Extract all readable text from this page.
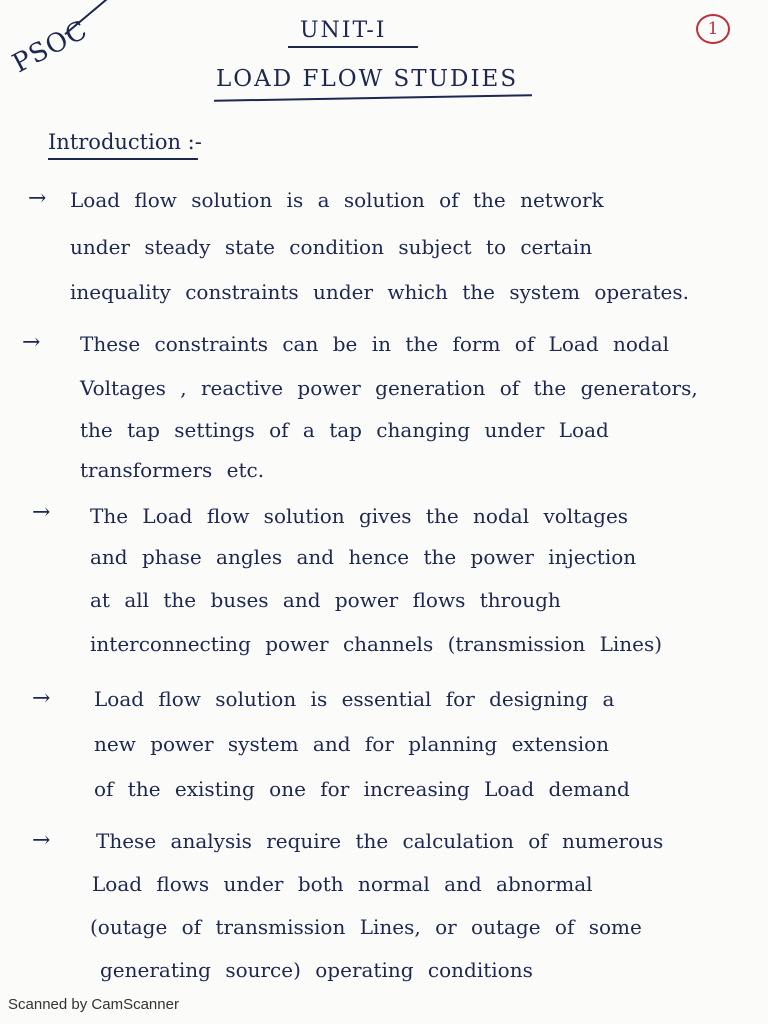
PSOC	1
UNIT-I
LOAD FLOW STUDIES
Introduction :-
→ Load flow solution is a solution of the network
under steady state condition subject to certain
inequality constraints under which the system operates.
→ These constraints can be in the form of Load nodal
Voltages , reactive power generation of the generators,
the tap settings of a tap changing under Load
transformers etc.
→ The Load flow solution gives the nodal voltages
and phase angles and hence the power injection
at all the buses and power flows through
interconnecting power channels (transmission Lines)
→ Load flow solution is essential for designing a
new power system and for planning extension
of the existing one for increasing Load demand
→ These analysis require the calculation of numerous
Load flows under both normal and abnormal
(outage of transmission Lines, or outage of some
generating source) operating conditions
Scanned by CamScanner
